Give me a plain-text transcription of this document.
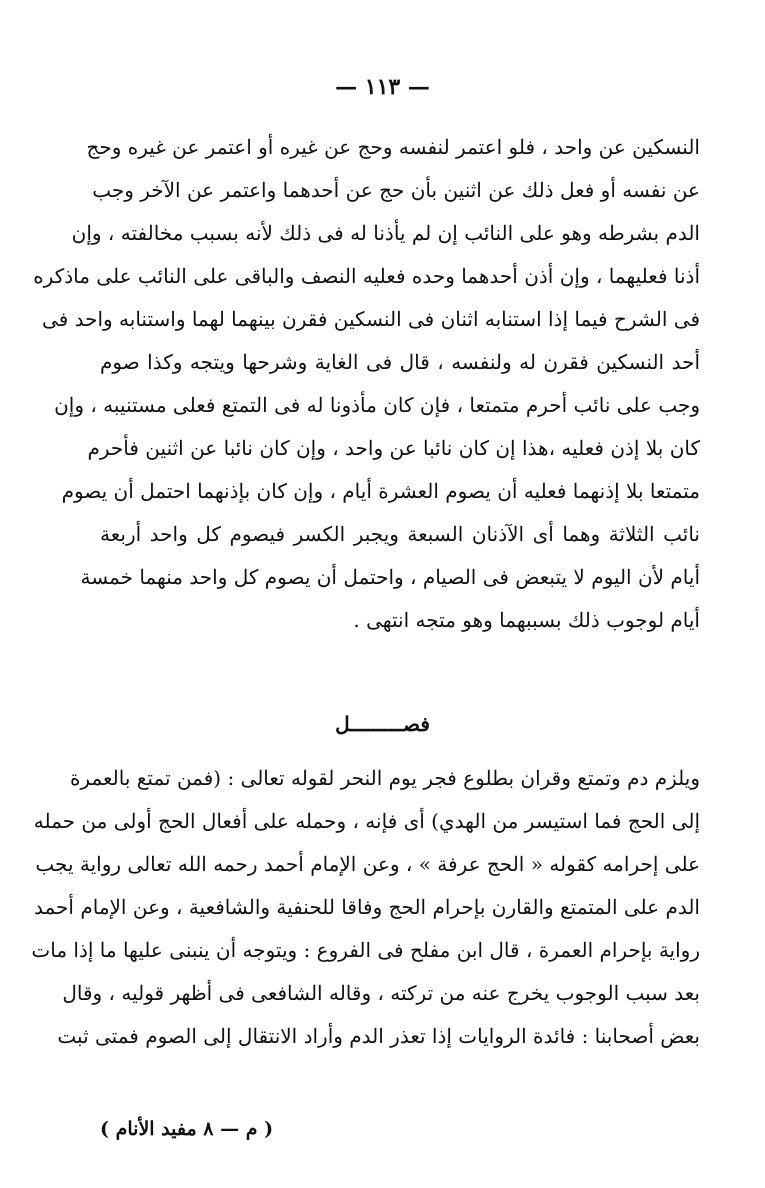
— ١١٣ —
النسكين عن واحد ، فلو اعتمر لنفسه وحج عن غيره أو اعتمر عن غيره وحج
عن نفسه أو فعل ذلك عن اثنين بأن حج عن أحدهما واعتمر عن الآخر وجب
الدم بشرطه وهو على النائب إن لم يأذنا له فى ذلك لأنه بسبب مخالفته ، وإن
أذنا فعليهما ، وإن أذن أحدهما وحده فعليه النصف والباقى على النائب على ماذكره
فى الشرح فيما إذا استنابه اثنان فى النسكين فقرن بينهما لهما واستنابه واحد فى
أحد النسكين فقرن له ولنفسه ، قال فى الغاية وشرحها ويتجه وكذا صوم
وجب على نائب أحرم متمتعا ، فإن كان مأذونا له فى التمتع فعلى مستنيبه ، وإن
كان بلا إذن فعليه ،هذا إن كان نائبا عن واحد ، وإن كان نائبا عن اثنين فأحرم
متمتعا بلا إذنهما فعليه أن يصوم العشرة أيام ، وإن كان بإذنهما احتمل أن يصوم
نائب الثلاثة وهما أى الآذنان السبعة ويجبر الكسر فيصوم كل واحد أربعة
أيام لأن اليوم لا يتبعض فى الصيام ، واحتمل أن يصوم كل واحد منهما خمسة
أيام لوجوب ذلك بسببهما وهو متجه انتهى .
فصـــــــــل
ويلزم دم وتمتع وقران بطلوع فجر يوم النحر لقوله تعالى : (فمن تمتع بالعمرة
إلى الحج فما استيسر من الهدي) أى فإنه ، وحمله على أفعال الحج أولى من حمله
على إحرامه كقوله « الحج عرفة » ، وعن الإمام أحمد رحمه الله تعالى رواية يجب
الدم على المتمتع والقارن بإحرام الحج وفاقا للحنفية والشافعية ، وعن الإمام أحمد
رواية بإحرام العمرة ، قال ابن مفلح فى الفروع : ويتوجه أن ينبنى عليها ما إذا مات
بعد سبب الوجوب يخرج عنه من تركته ، وقاله الشافعى فى أظهر قوليه ، وقال
بعض أصحابنا : فائدة الروايات إذا تعذر الدم وأراد الانتقال إلى الصوم فمتى ثبت
( م — ٨ مفيد الأنام )
